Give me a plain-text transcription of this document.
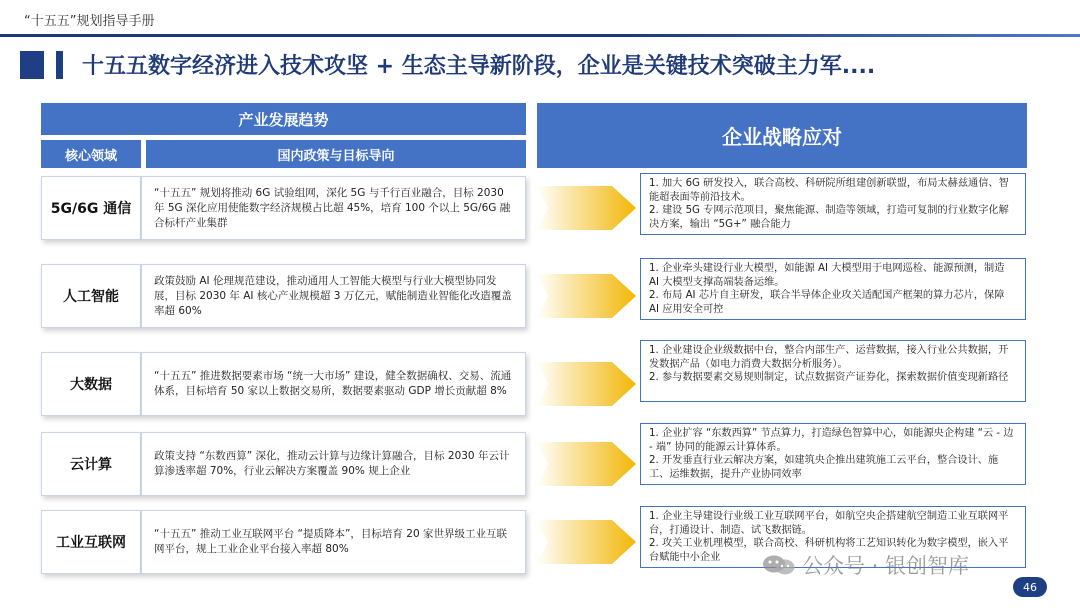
“十五五”规划指导手册
十五五数字经济进入技术攻坚 + 生态主导新阶段，企业是关键技术突破主力军....
产业发展趋势
核心领域	国内政策与目标导向
企业战略应对
5G/6G 通信
“十五五” 规划将推动 6G 试验组网，深化 5G 与千行百业融合，目标 2030 年 5G 深化应用使能数字经济规模占比超 45%，培育 100 个以上 5G/6G 融合标杆产业集群

1. 加大 6G 研发投入，联合高校、科研院所组建创新联盟，布局太赫兹通信、智能超表面等前沿技术。

2. 建设 5G 专网示范项目，聚焦能源、制造等领域，打造可复制的行业数字化解决方案，输出 “5G+” 融合能力

人工智能
政策鼓励 AI 伦理规范建设，推动通用人工智能大模型与行业大模型协同发展，目标 2030 年 AI 核心产业规模超 3 万亿元，赋能制造业智能化改造覆盖率超 60%

1. 企业牵头建设行业大模型，如能源 AI 大模型用于电网巡检、能源预测，制造 AI 大模型支撑高端装备运维。

2. 布局 AI 芯片自主研发，联合半导体企业攻关适配国产框架的算力芯片，保障 AI 应用安全可控

大数据
“十五五” 推进数据要素市场 “统一大市场” 建设，健全数据确权、交易、流通体系，目标培育 50 家以上数据交易所，数据要素驱动 GDP 增长贡献超 8%

1. 企业建设企业级数据中台，整合内部生产、运营数据，接入行业公共数据，开发数据产品（如电力消费大数据分析服务）。

2. 参与数据要素交易规则制定，试点数据资产证券化，探索数据价值变现新路径

云计算
政策支持 “东数西算” 深化，推动云计算与边缘计算融合，目标 2030 年云计算渗透率超 70%，行业云解决方案覆盖 90% 规上企业

1. 企业扩容 “东数西算” 节点算力，打造绿色智算中心，如能源央企构建 “云 - 边 - 端” 协同的能源云计算体系。

2. 开发垂直行业云解决方案，如建筑央企推出建筑施工云平台，整合设计、施工、运维数据，提升产业协同效率

工业互联网
“十五五” 推动工业互联网平台 “提质降本”，目标培育 20 家世界级工业互联网平台，规上工业企业平台接入率超 80%

1. 企业主导建设行业级工业互联网平台，如航空央企搭建航空制造工业互联网平台，打通设计、制造、试飞数据链。

2. 攻关工业机理模型，联合高校、科研机构将工艺知识转化为数字模型，嵌入平台赋能中小企业	公众号 · 银创智库
46
